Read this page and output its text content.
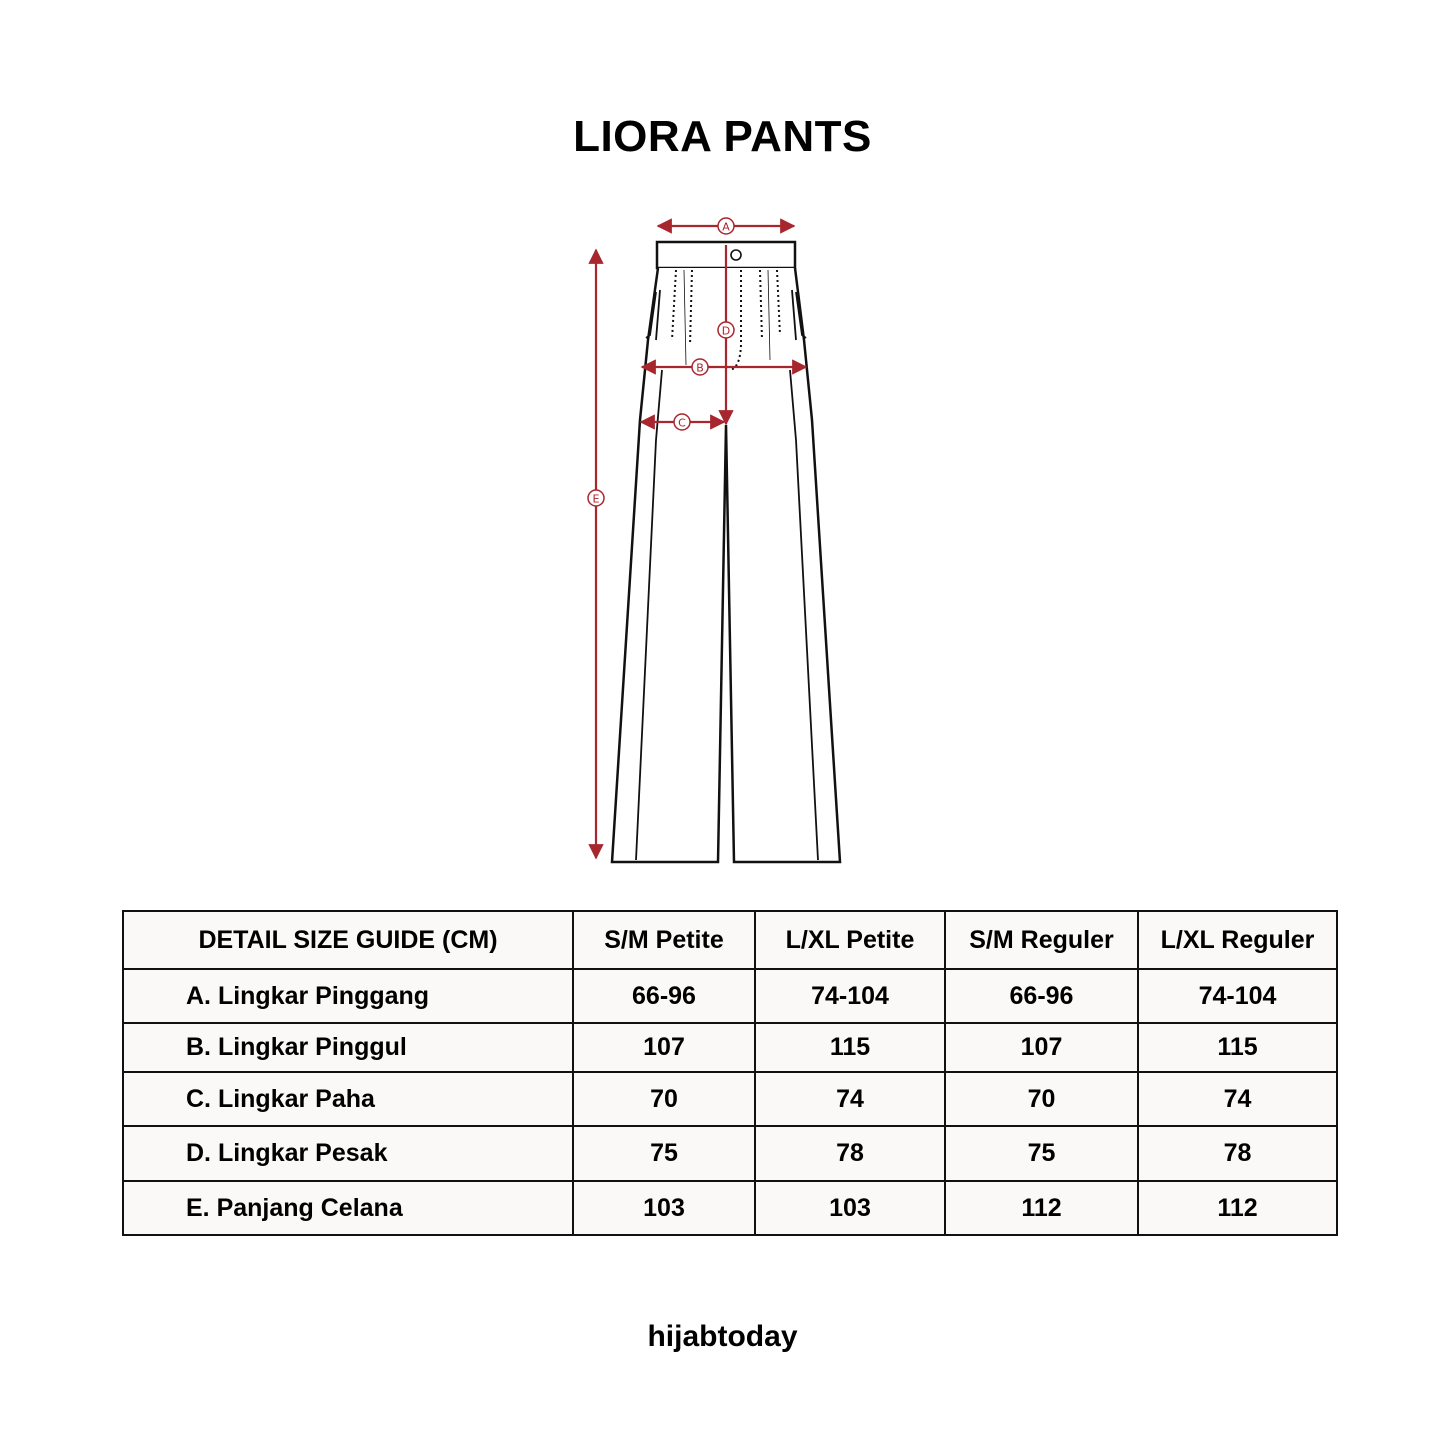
LIORA PANTS
A
D
B
C
E
DETAIL SIZE GUIDE (CM)	S/M Petite	L/XL Petite	S/M Reguler	L/XL Reguler
A. Lingkar Pinggang	66-96	74-104	66-96	74-104
B. Lingkar Pinggul	107	115	107	115
C. Lingkar Paha	70	74	70	74
D. Lingkar Pesak	75	78	75	78
E. Panjang Celana	103	103	112	112
hijabtoday
